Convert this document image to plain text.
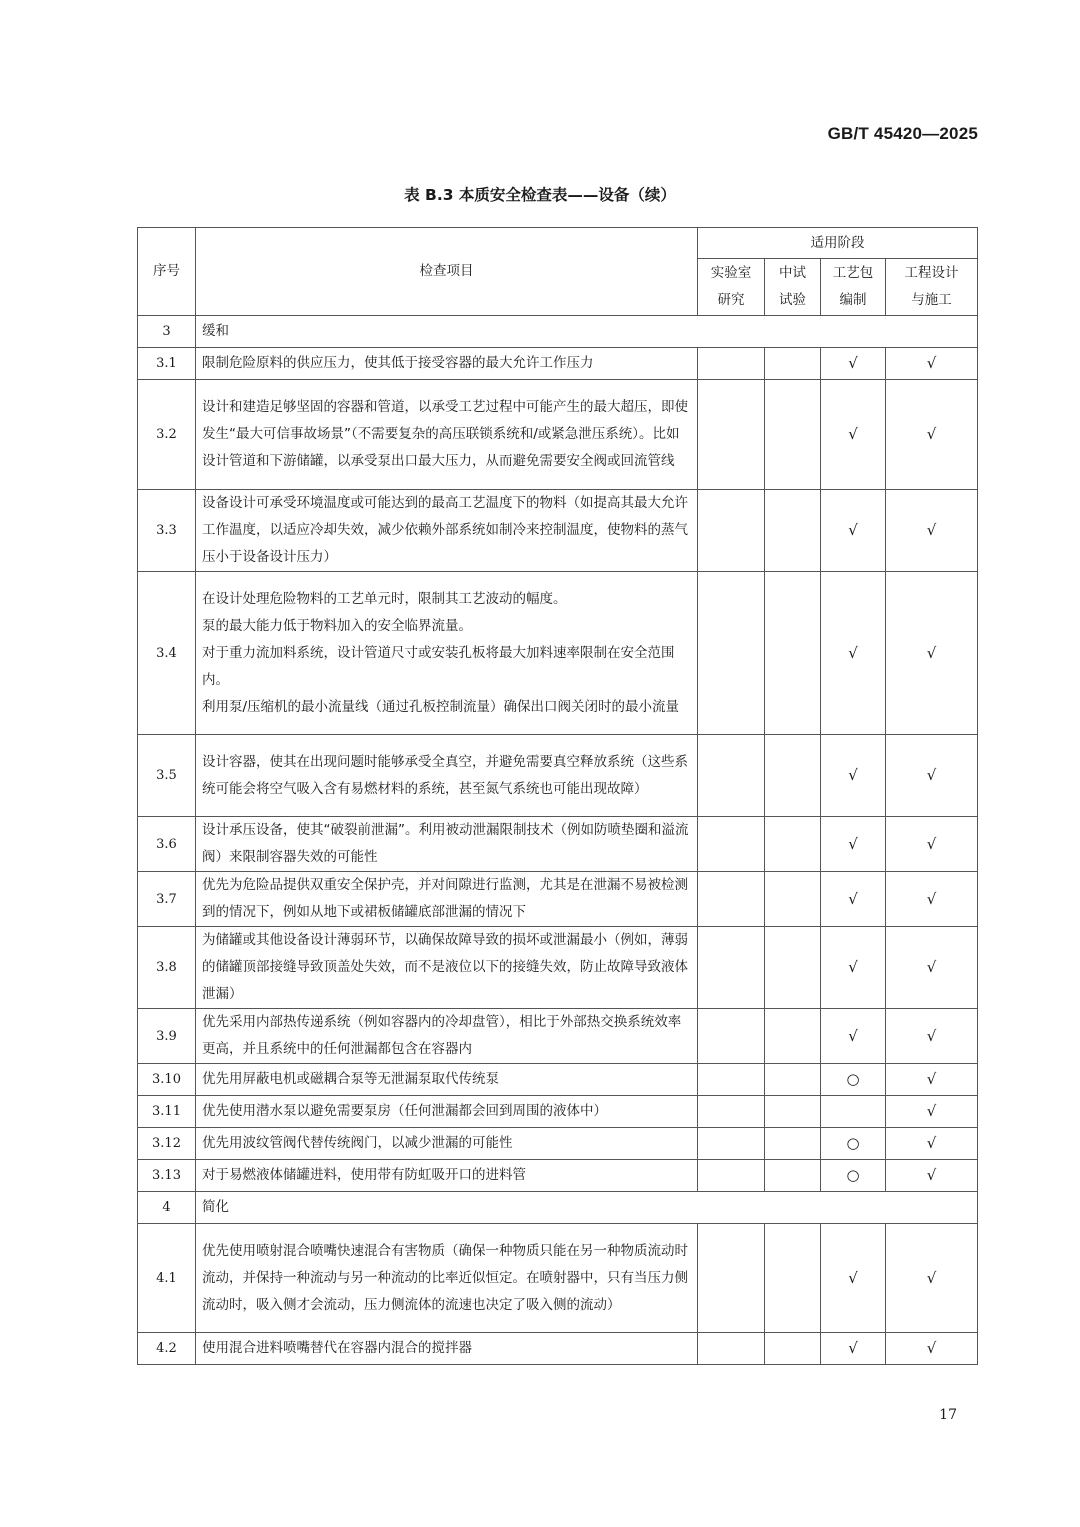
GB/T 45420—2025
表 B.3 本质安全检查表——设备（续）
序号	检查项目	适用阶段			
		实验室研究	中试试验	工艺包编制	工程设计与施工
3	缓和				
3.1	限制危险原料的供应压力，使其低于接受容器的最大允许工作压力			√	√
3.2	设计和建造足够坚固的容器和管道，以承受工艺过程中可能产生的最大超压，即使发生“最大可信事故场景”（不需要复杂的高压联锁系统和/或紧急泄压系统）。比如设计管道和下游储罐，以承受泵出口最大压力，从而避免需要安全阀或回流管线			√	√
3.3	设备设计可承受环境温度或可能达到的最高工艺温度下的物料（如提高其最大允许工作温度，以适应冷却失效，减少依赖外部系统如制冷来控制温度，使物料的蒸气压小于设备设计压力）			√	√
3.4	在设计处理危险物料的工艺单元时，限制其工艺波动的幅度。
泵的最大能力低于物料加入的安全临界流量。
对于重力流加料系统，设计管道尺寸或安装孔板将最大加料速率限制在安全范围内。
利用泵/压缩机的最小流量线（通过孔板控制流量）确保出口阀关闭时的最小流量			√	√
3.5	设计容器，使其在出现问题时能够承受全真空，并避免需要真空释放系统（这些系统可能会将空气吸入含有易燃材料的系统，甚至氮气系统也可能出现故障）			√	√
3.6	设计承压设备，使其“破裂前泄漏”。利用被动泄漏限制技术（例如防喷垫圈和溢流阀）来限制容器失效的可能性			√	√
3.7	优先为危险品提供双重安全保护壳，并对间隙进行监测，尤其是在泄漏不易被检测到的情况下，例如从地下或裙板储罐底部泄漏的情况下			√	√
3.8	为储罐或其他设备设计薄弱环节，以确保故障导致的损坏或泄漏最小（例如，薄弱的储罐顶部接缝导致顶盖处失效，而不是液位以下的接缝失效，防止故障导致液体泄漏）			√	√
3.9	优先采用内部热传递系统（例如容器内的冷却盘管），相比于外部热交换系统效率更高，并且系统中的任何泄漏都包含在容器内			√	√
3.10	优先用屏蔽电机或磁耦合泵等无泄漏泵取代传统泵			○	√
3.11	优先使用潜水泵以避免需要泵房（任何泄漏都会回到周围的液体中）				√
3.12	优先用波纹管阀代替传统阀门，以减少泄漏的可能性			○	√
3.13	对于易燃液体储罐进料，使用带有防虹吸开口的进料管			○	√
4	简化				
4.1	优先使用喷射混合喷嘴快速混合有害物质（确保一种物质只能在另一种物质流动时流动，并保持一种流动与另一种流动的比率近似恒定。在喷射器中，只有当压力侧流动时，吸入侧才会流动，压力侧流体的流速也决定了吸入侧的流动）			√	√
4.2	使用混合进料喷嘴替代在容器内混合的搅拌器			√	√
17
